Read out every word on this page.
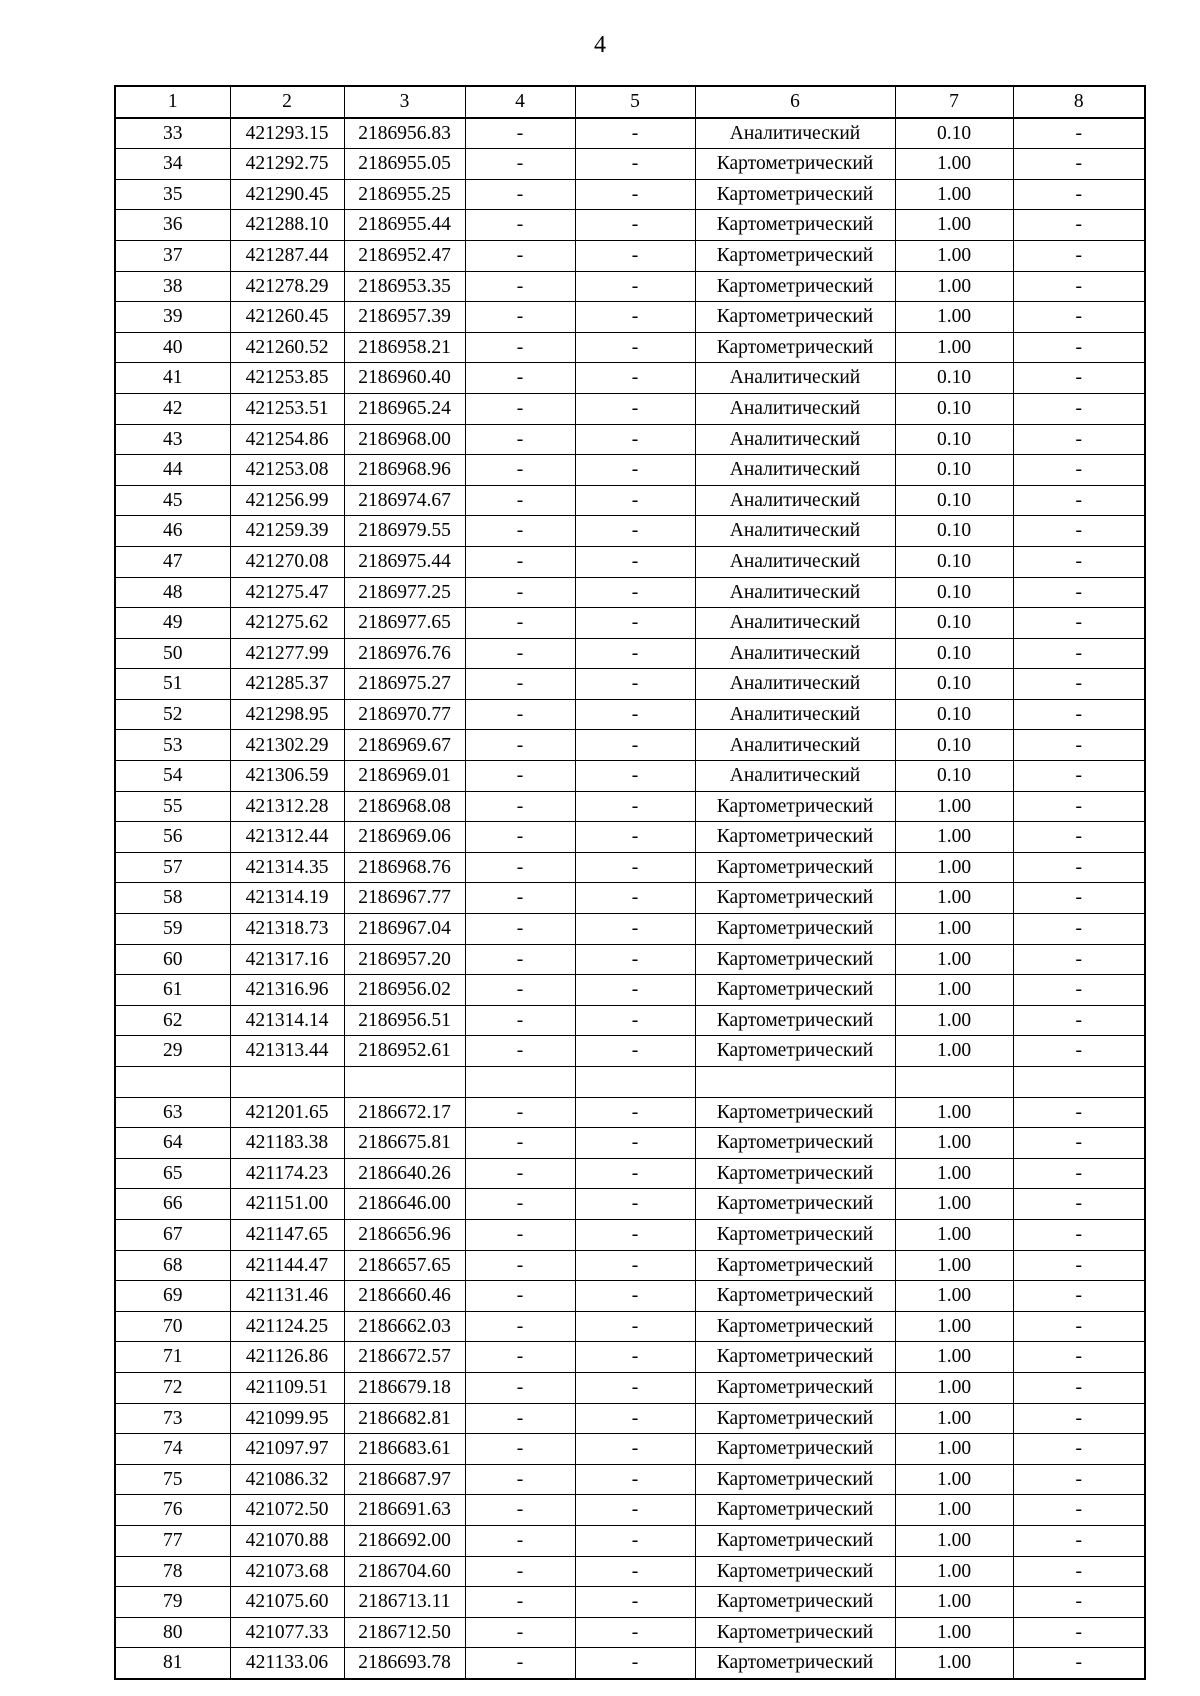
4
1	2	3	4	5	6	7	8
33	421293.15	2186956.83	-	-	Аналитический	0.10	-
34	421292.75	2186955.05	-	-	Картометрический	1.00	-
35	421290.45	2186955.25	-	-	Картометрический	1.00	-
36	421288.10	2186955.44	-	-	Картометрический	1.00	-
37	421287.44	2186952.47	-	-	Картометрический	1.00	-
38	421278.29	2186953.35	-	-	Картометрический	1.00	-
39	421260.45	2186957.39	-	-	Картометрический	1.00	-
40	421260.52	2186958.21	-	-	Картометрический	1.00	-
41	421253.85	2186960.40	-	-	Аналитический	0.10	-
42	421253.51	2186965.24	-	-	Аналитический	0.10	-
43	421254.86	2186968.00	-	-	Аналитический	0.10	-
44	421253.08	2186968.96	-	-	Аналитический	0.10	-
45	421256.99	2186974.67	-	-	Аналитический	0.10	-
46	421259.39	2186979.55	-	-	Аналитический	0.10	-
47	421270.08	2186975.44	-	-	Аналитический	0.10	-
48	421275.47	2186977.25	-	-	Аналитический	0.10	-
49	421275.62	2186977.65	-	-	Аналитический	0.10	-
50	421277.99	2186976.76	-	-	Аналитический	0.10	-
51	421285.37	2186975.27	-	-	Аналитический	0.10	-
52	421298.95	2186970.77	-	-	Аналитический	0.10	-
53	421302.29	2186969.67	-	-	Аналитический	0.10	-
54	421306.59	2186969.01	-	-	Аналитический	0.10	-
55	421312.28	2186968.08	-	-	Картометрический	1.00	-
56	421312.44	2186969.06	-	-	Картометрический	1.00	-
57	421314.35	2186968.76	-	-	Картометрический	1.00	-
58	421314.19	2186967.77	-	-	Картометрический	1.00	-
59	421318.73	2186967.04	-	-	Картометрический	1.00	-
60	421317.16	2186957.20	-	-	Картометрический	1.00	-
61	421316.96	2186956.02	-	-	Картометрический	1.00	-
62	421314.14	2186956.51	-	-	Картометрический	1.00	-
29	421313.44	2186952.61	-	-	Картометрический	1.00	-

63	421201.65	2186672.17	-	-	Картометрический	1.00	-
64	421183.38	2186675.81	-	-	Картометрический	1.00	-
65	421174.23	2186640.26	-	-	Картометрический	1.00	-
66	421151.00	2186646.00	-	-	Картометрический	1.00	-
67	421147.65	2186656.96	-	-	Картометрический	1.00	-
68	421144.47	2186657.65	-	-	Картометрический	1.00	-
69	421131.46	2186660.46	-	-	Картометрический	1.00	-
70	421124.25	2186662.03	-	-	Картометрический	1.00	-
71	421126.86	2186672.57	-	-	Картометрический	1.00	-
72	421109.51	2186679.18	-	-	Картометрический	1.00	-
73	421099.95	2186682.81	-	-	Картометрический	1.00	-
74	421097.97	2186683.61	-	-	Картометрический	1.00	-
75	421086.32	2186687.97	-	-	Картометрический	1.00	-
76	421072.50	2186691.63	-	-	Картометрический	1.00	-
77	421070.88	2186692.00	-	-	Картометрический	1.00	-
78	421073.68	2186704.60	-	-	Картометрический	1.00	-
79	421075.60	2186713.11	-	-	Картометрический	1.00	-
80	421077.33	2186712.50	-	-	Картометрический	1.00	-
81	421133.06	2186693.78	-	-	Картометрический	1.00	-
